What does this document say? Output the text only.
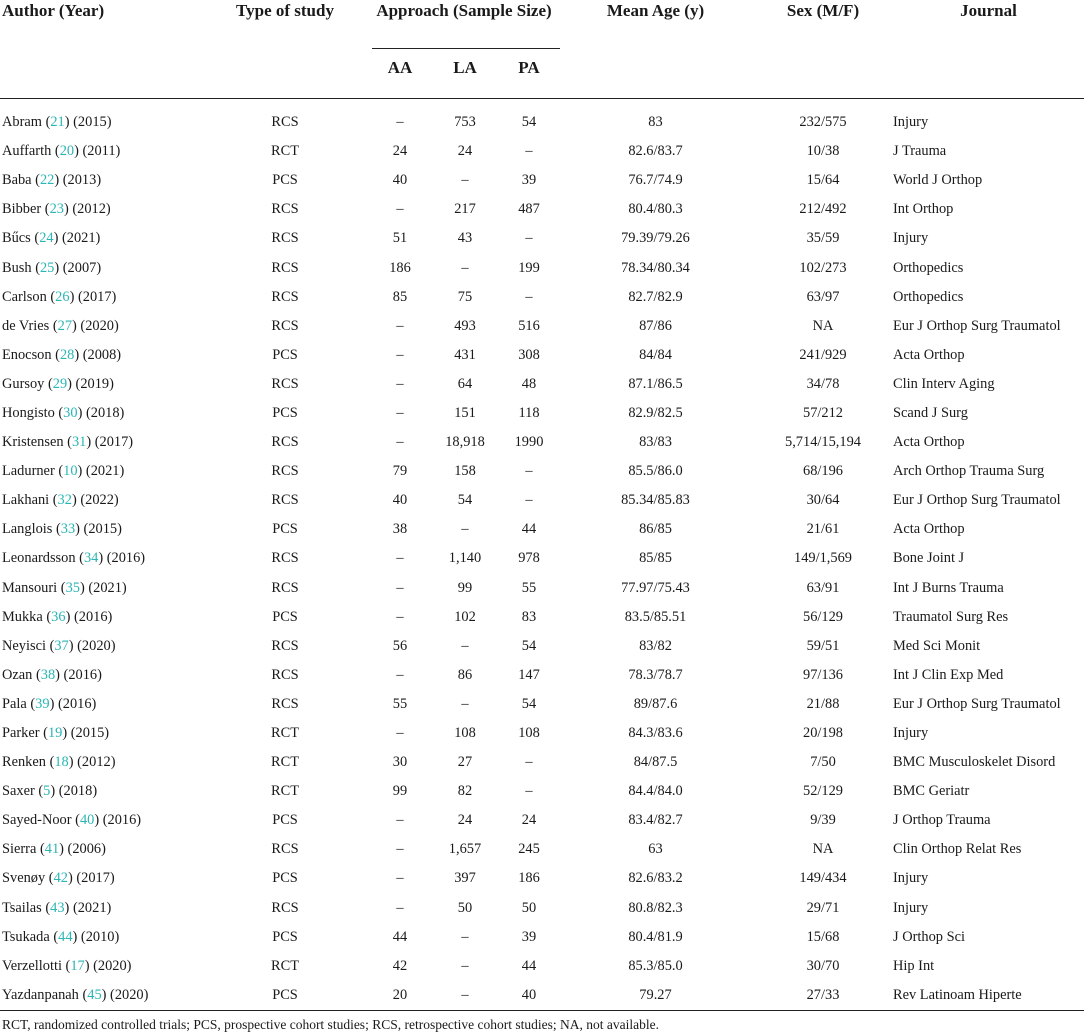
Author (Year)	Type of study	Approach (Sample Size)			Mean Age (y)	Sex (M/F)	Journal
		AA	LA	PA			
Abram (21) (2015)	RCS	–	753	54	83	232/575	Injury
Auffarth (20) (2011)	RCT	24	24	–	82.6/83.7	10/38	J Trauma
Baba (22) (2013)	PCS	40	–	39	76.7/74.9	15/64	World J Orthop
Bibber (23) (2012)	RCS	–	217	487	80.4/80.3	212/492	Int Orthop
Bűcs (24) (2021)	RCS	51	43	–	79.39/79.26	35/59	Injury
Bush (25) (2007)	RCS	186	–	199	78.34/80.34	102/273	Orthopedics
Carlson (26) (2017)	RCS	85	75	–	82.7/82.9	63/97	Orthopedics
de Vries (27) (2020)	RCS	–	493	516	87/86	NA	Eur J Orthop Surg Traumatol
Enocson (28) (2008)	PCS	–	431	308	84/84	241/929	Acta Orthop
Gursoy (29) (2019)	RCS	–	64	48	87.1/86.5	34/78	Clin Interv Aging
Hongisto (30) (2018)	PCS	–	151	118	82.9/82.5	57/212	Scand J Surg
Kristensen (31) (2017)	RCS	–	18,918	1990	83/83	5,714/15,194	Acta Orthop
Ladurner (10) (2021)	RCS	79	158	–	85.5/86.0	68/196	Arch Orthop Trauma Surg
Lakhani (32) (2022)	RCS	40	54	–	85.34/85.83	30/64	Eur J Orthop Surg Traumatol
Langlois (33) (2015)	PCS	38	–	44	86/85	21/61	Acta Orthop
Leonardsson (34) (2016)	RCS	–	1,140	978	85/85	149/1,569	Bone Joint J
Mansouri (35) (2021)	RCS	–	99	55	77.97/75.43	63/91	Int J Burns Trauma
Mukka (36) (2016)	PCS	–	102	83	83.5/85.51	56/129	Traumatol Surg Res
Neyisci (37) (2020)	RCS	56	–	54	83/82	59/51	Med Sci Monit
Ozan (38) (2016)	RCS	–	86	147	78.3/78.7	97/136	Int J Clin Exp Med
Pala (39) (2016)	RCS	55	–	54	89/87.6	21/88	Eur J Orthop Surg Traumatol
Parker (19) (2015)	RCT	–	108	108	84.3/83.6	20/198	Injury
Renken (18) (2012)	RCT	30	27	–	84/87.5	7/50	BMC Musculoskelet Disord
Saxer (5) (2018)	RCT	99	82	–	84.4/84.0	52/129	BMC Geriatr
Sayed-Noor (40) (2016)	PCS	–	24	24	83.4/82.7	9/39	J Orthop Trauma
Sierra (41) (2006)	RCS	–	1,657	245	63	NA	Clin Orthop Relat Res
Svenøy (42) (2017)	PCS	–	397	186	82.6/83.2	149/434	Injury
Tsailas (43) (2021)	RCS	–	50	50	80.8/82.3	29/71	Injury
Tsukada (44) (2010)	PCS	44	–	39	80.4/81.9	15/68	J Orthop Sci
Verzellotti (17) (2020)	RCT	42	–	44	85.3/85.0	30/70	Hip Int
Yazdanpanah (45) (2020)	PCS	20	–	40	79.27	27/33	Rev Latinoam Hiperte
RCT, randomized controlled trials; PCS, prospective cohort studies; RCS, retrospective cohort studies; NA, not available.
